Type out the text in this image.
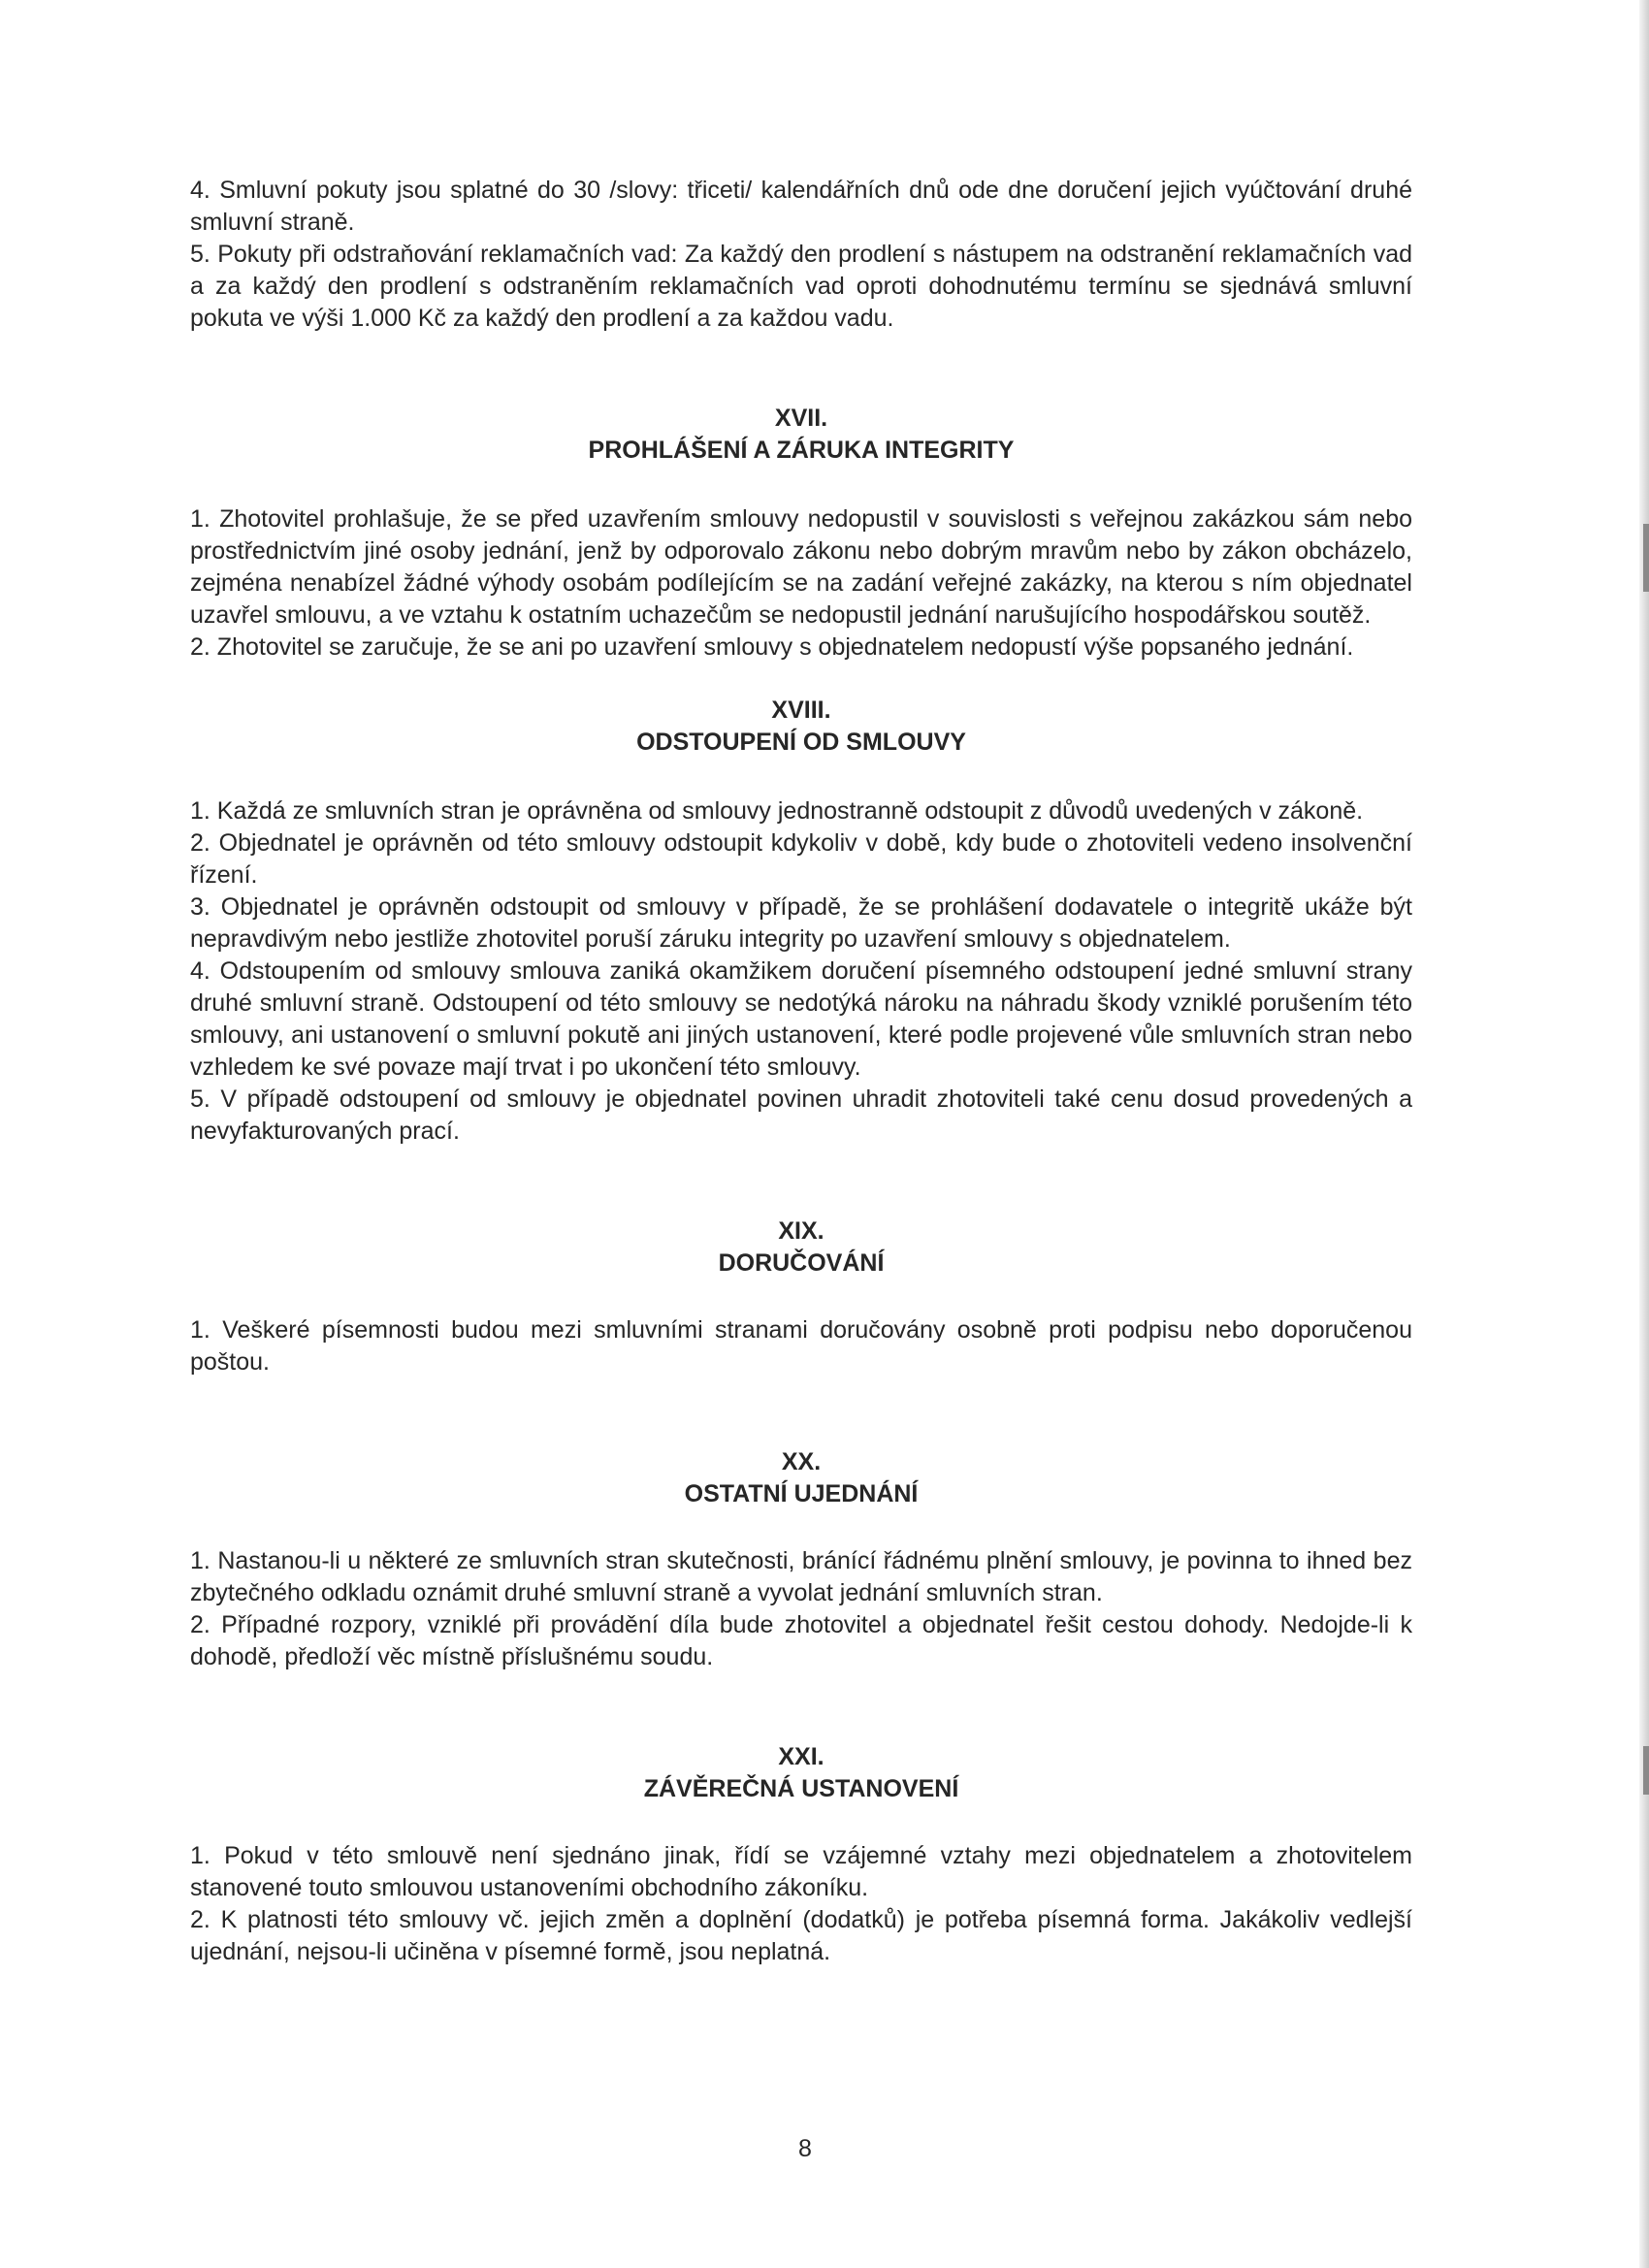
4. Smluvní pokuty jsou splatné do 30 /slovy: třiceti/ kalendářních dnů ode dne doručení jejich vyúčtování druhé smluvní straně.

5. Pokuty při odstraňování reklamačních vad: Za každý den prodlení s nástupem na odstranění reklamačních vad a za každý den prodlení s odstraněním reklamačních vad oproti dohodnutému termínu se sjednává smluvní pokuta ve výši 1.000 Kč za každý den prodlení a za každou vadu.

XVII.
PROHLÁŠENÍ A ZÁRUKA INTEGRITY

1. Zhotovitel prohlašuje, že se před uzavřením smlouvy nedopustil v souvislosti s veřejnou zakázkou sám nebo prostřednictvím jiné osoby jednání, jenž by odporovalo zákonu nebo dobrým mravům nebo by zákon obcházelo, zejména nenabízel žádné výhody osobám podílejícím se na zadání veřejné zakázky, na kterou s ním objednatel uzavřel smlouvu, a ve vztahu k ostatním uchazečům se nedopustil jednání narušujícího hospodářskou soutěž.

2. Zhotovitel se zaručuje, že se ani po uzavření smlouvy s objednatelem nedopustí výše popsaného jednání.

XVIII.
ODSTOUPENÍ OD SMLOUVY

1. Každá ze smluvních stran je oprávněna od smlouvy jednostranně odstoupit z důvodů uvedených v zákoně.

2. Objednatel je oprávněn od této smlouvy odstoupit kdykoliv v době, kdy bude o zhotoviteli vedeno insolvenční řízení.

3. Objednatel je oprávněn odstoupit od smlouvy v případě, že se prohlášení dodavatele o integritě ukáže být nepravdivým nebo jestliže zhotovitel poruší záruku integrity po uzavření smlouvy s objednatelem.

4. Odstoupením od smlouvy smlouva zaniká okamžikem doručení písemného odstoupení jedné smluvní strany druhé smluvní straně. Odstoupení od této smlouvy se nedotýká nároku na náhradu škody vzniklé porušením této smlouvy, ani ustanovení o smluvní pokutě ani jiných ustanovení, které podle projevené vůle smluvních stran nebo vzhledem ke své povaze mají trvat i po ukončení této smlouvy.

5. V případě odstoupení od smlouvy je objednatel povinen uhradit zhotoviteli také cenu dosud provedených a nevyfakturovaných prací.

XIX.
DORUČOVÁNÍ

1. Veškeré písemnosti budou mezi smluvními stranami doručovány osobně proti podpisu nebo doporučenou poštou.

XX.
OSTATNÍ UJEDNÁNÍ

1. Nastanou-li u některé ze smluvních stran skutečnosti, bránící řádnému plnění smlouvy, je povinna to ihned bez zbytečného odkladu oznámit druhé smluvní straně a vyvolat jednání smluvních stran.

2. Případné rozpory, vzniklé při provádění díla bude zhotovitel a objednatel řešit cestou dohody. Nedojde-li k dohodě, předloží věc místně příslušnému soudu.

XXI.
ZÁVĚREČNÁ USTANOVENÍ

1. Pokud v této smlouvě není sjednáno jinak, řídí se vzájemné vztahy mezi objednatelem a zhotovitelem stanovené touto smlouvou ustanoveními obchodního zákoníku.

2. K platnosti této smlouvy vč. jejich změn a doplnění (dodatků) je potřeba písemná forma. Jakákoliv vedlejší ujednání, nejsou-li učiněna v písemné formě, jsou neplatná.

8
